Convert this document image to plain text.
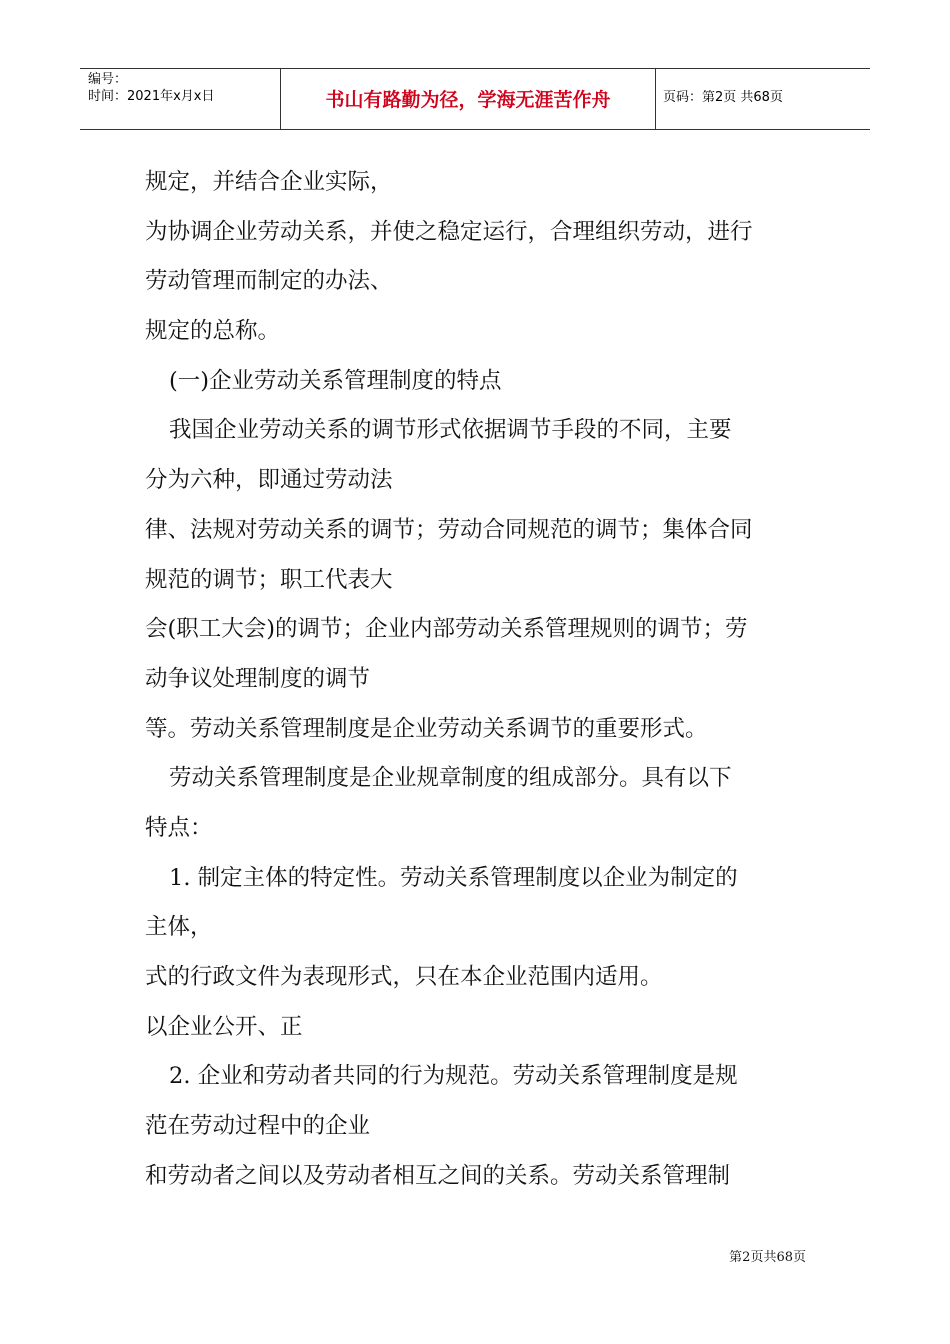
编号：
时间：2021年x月x日	书山有路勤为径，学海无涯苦作舟	页码：第2页 共68页
规定，并结合企业实际，
为协调企业劳动关系，并使之稳定运行，合理组织劳动，进行
劳动管理而制定的办法、
规定的总称。
(一)企业劳动关系管理制度的特点
我国企业劳动关系的调节形式依据调节手段的不同，主要
分为六种，即通过劳动法
律、法规对劳动关系的调节；劳动合同规范的调节；集体合同
规范的调节；职工代表大
会(职工大会)的调节；企业内部劳动关系管理规则的调节；劳
动争议处理制度的调节
等。劳动关系管理制度是企业劳动关系调节的重要形式。
劳动关系管理制度是企业规章制度的组成部分。具有以下
特点：
1. 制定主体的特定性。劳动关系管理制度以企业为制定的
主体，
式的行政文件为表现形式，只在本企业范围内适用。
以企业公开、正
2. 企业和劳动者共同的行为规范。劳动关系管理制度是规
范在劳动过程中的企业
和劳动者之间以及劳动者相互之间的关系。劳动关系管理制
第2页共68页
